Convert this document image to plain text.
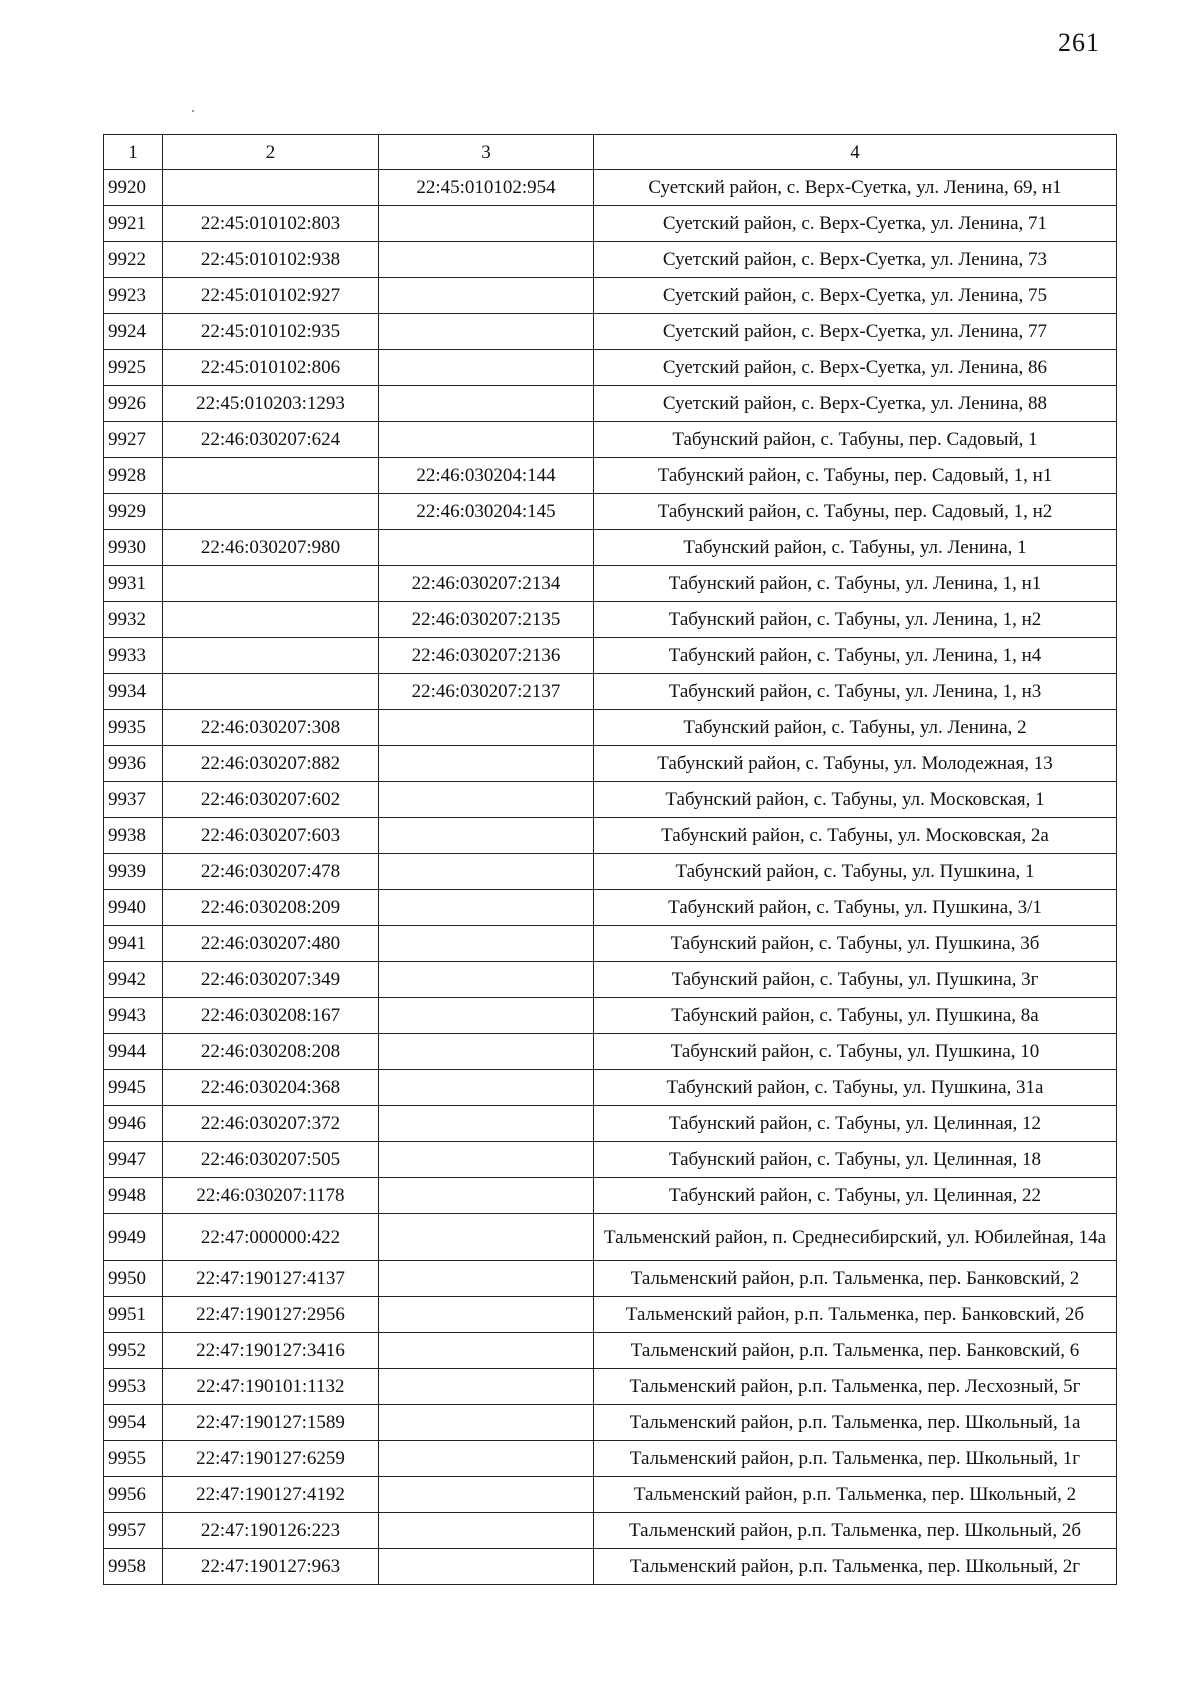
261
1	2	3	4
9920		22:45:010102:954	Суетский район, с. Верх-Суетка, ул. Ленина, 69, н1
9921	22:45:010102:803		Суетский район, с. Верх-Суетка, ул. Ленина, 71
9922	22:45:010102:938		Суетский район, с. Верх-Суетка, ул. Ленина, 73
9923	22:45:010102:927		Суетский район, с. Верх-Суетка, ул. Ленина, 75
9924	22:45:010102:935		Суетский район, с. Верх-Суетка, ул. Ленина, 77
9925	22:45:010102:806		Суетский район, с. Верх-Суетка, ул. Ленина, 86
9926	22:45:010203:1293		Суетский район, с. Верх-Суетка, ул. Ленина, 88
9927	22:46:030207:624		Табунский район, с. Табуны, пер. Садовый, 1
9928		22:46:030204:144	Табунский район, с. Табуны, пер. Садовый, 1, н1
9929		22:46:030204:145	Табунский район, с. Табуны, пер. Садовый, 1, н2
9930	22:46:030207:980		Табунский район, с. Табуны, ул. Ленина, 1
9931		22:46:030207:2134	Табунский район, с. Табуны, ул. Ленина, 1, н1
9932		22:46:030207:2135	Табунский район, с. Табуны, ул. Ленина, 1, н2
9933		22:46:030207:2136	Табунский район, с. Табуны, ул. Ленина, 1, н4
9934		22:46:030207:2137	Табунский район, с. Табуны, ул. Ленина, 1, н3
9935	22:46:030207:308		Табунский район, с. Табуны, ул. Ленина, 2
9936	22:46:030207:882		Табунский район, с. Табуны, ул. Молодежная, 13
9937	22:46:030207:602		Табунский район, с. Табуны, ул. Московская, 1
9938	22:46:030207:603		Табунский район, с. Табуны, ул. Московская, 2а
9939	22:46:030207:478		Табунский район, с. Табуны, ул. Пушкина, 1
9940	22:46:030208:209		Табунский район, с. Табуны, ул. Пушкина, 3/1
9941	22:46:030207:480		Табунский район, с. Табуны, ул. Пушкина, 3б
9942	22:46:030207:349		Табунский район, с. Табуны, ул. Пушкина, 3г
9943	22:46:030208:167		Табунский район, с. Табуны, ул. Пушкина, 8а
9944	22:46:030208:208		Табунский район, с. Табуны, ул. Пушкина, 10
9945	22:46:030204:368		Табунский район, с. Табуны, ул. Пушкина, 31а
9946	22:46:030207:372		Табунский район, с. Табуны, ул. Целинная, 12
9947	22:46:030207:505		Табунский район, с. Табуны, ул. Целинная, 18
9948	22:46:030207:1178		Табунский район, с. Табуны, ул. Целинная, 22
9949	22:47:000000:422		Тальменский район, п. Среднесибирский, ул. Юбилейная, 14а
9950	22:47:190127:4137		Тальменский район, р.п. Тальменка, пер. Банковский, 2
9951	22:47:190127:2956		Тальменский район, р.п. Тальменка, пер. Банковский, 2б
9952	22:47:190127:3416		Тальменский район, р.п. Тальменка, пер. Банковский, 6
9953	22:47:190101:1132		Тальменский район, р.п. Тальменка, пер. Лесхозный, 5г
9954	22:47:190127:1589		Тальменский район, р.п. Тальменка, пер. Школьный, 1а
9955	22:47:190127:6259		Тальменский район, р.п. Тальменка, пер. Школьный, 1г
9956	22:47:190127:4192		Тальменский район, р.п. Тальменка, пер. Школьный, 2
9957	22:47:190126:223		Тальменский район, р.п. Тальменка, пер. Школьный, 2б
9958	22:47:190127:963		Тальменский район, р.п. Тальменка, пер. Школьный, 2г
